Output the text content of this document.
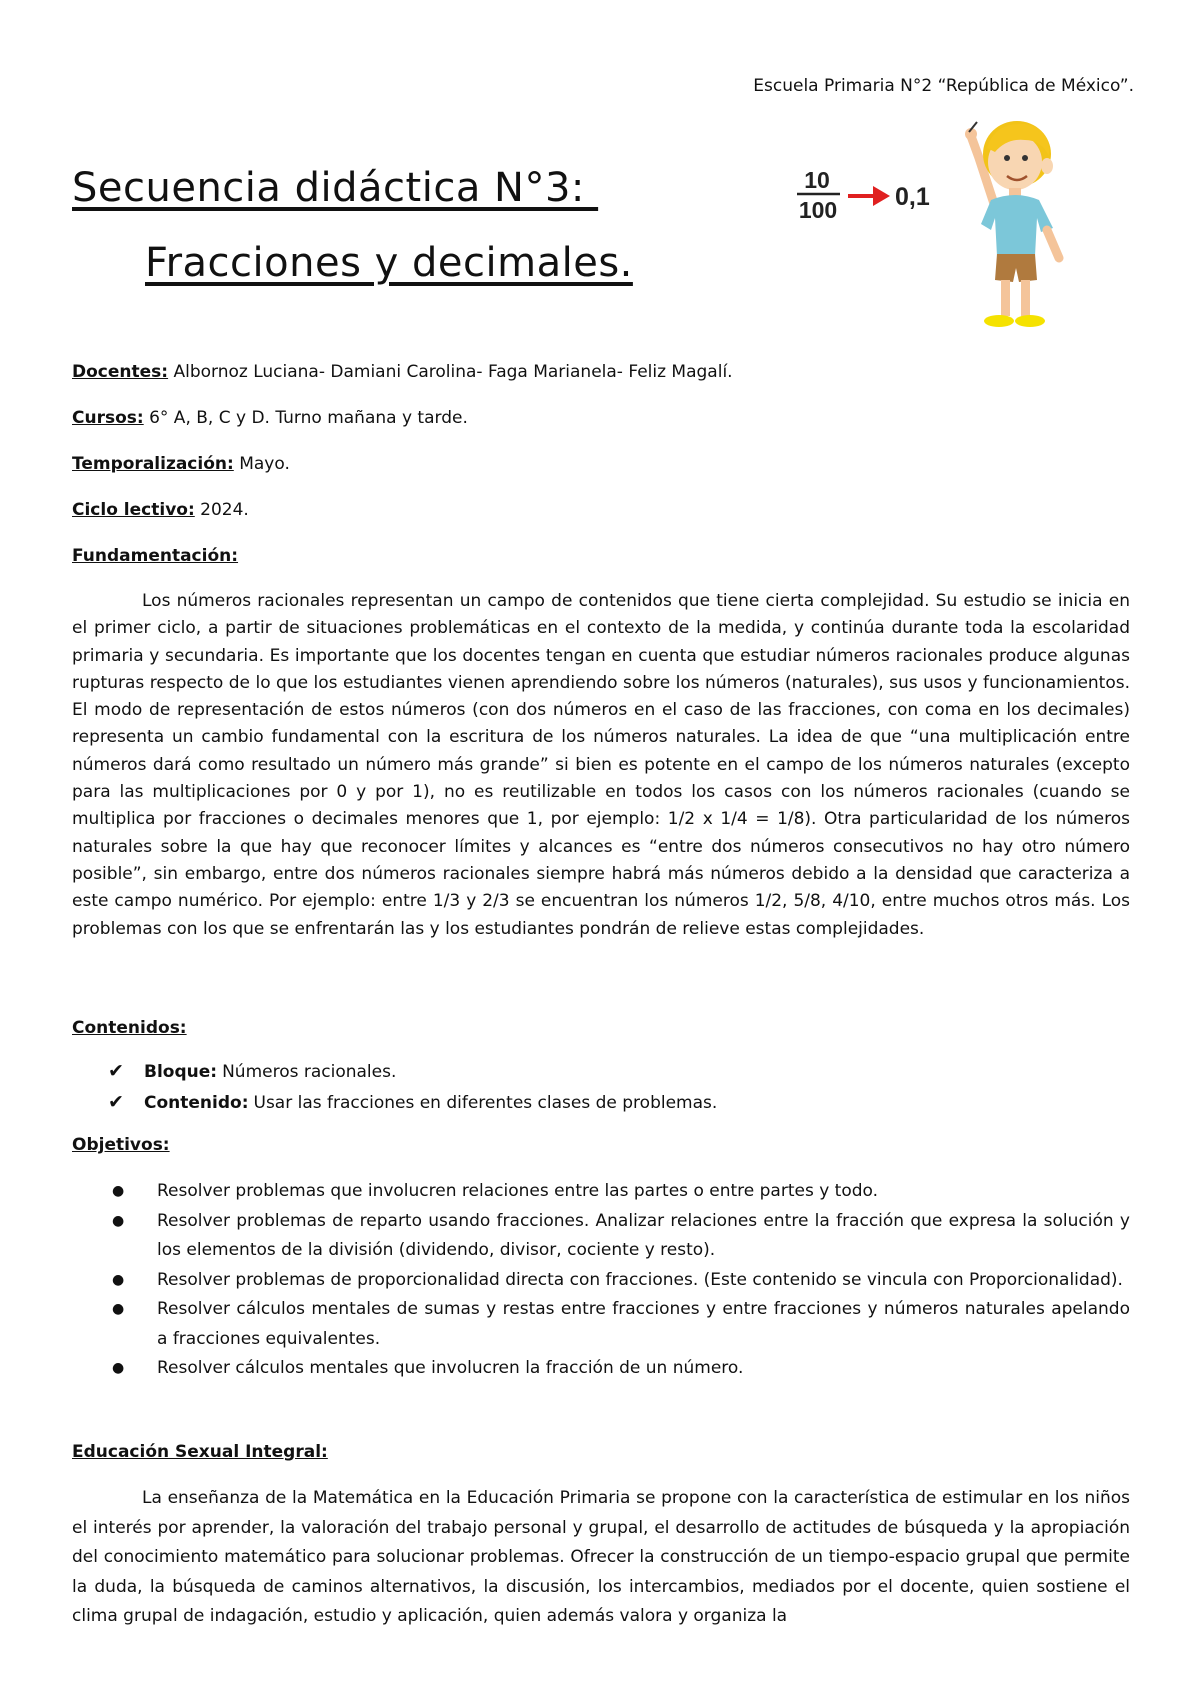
Escuela Primaria N°2 “República de México”.
Secuencia didáctica N°3:
Fracciones y decimales.
10
100 0,1
Docentes: Albornoz Luciana- Damiani Carolina- Faga Marianela- Feliz Magalí.
Cursos: 6° A, B, C y D. Turno mañana y tarde.
Temporalización: Mayo.
Ciclo lectivo: 2024.
Fundamentación:

Los números racionales representan un campo de contenidos que tiene cierta complejidad. Su estudio se inicia en el primer ciclo, a partir de situaciones problemáticas en el contexto de la medida, y continúa durante toda la escolaridad primaria y secundaria. Es importante que los docentes tengan en cuenta que estudiar números racionales produce algunas rupturas respecto de lo que los estudiantes vienen aprendiendo sobre los números (naturales), sus usos y funcionamientos. El modo de representación de estos números (con dos números en el caso de las fracciones, con coma en los decimales) representa un cambio fundamental con la escritura de los números naturales. La idea de que “una multiplicación entre números dará como resultado un número más grande” si bien es potente en el campo de los números naturales (excepto para las multiplicaciones por 0 y por 1), no es reutilizable en todos los casos con los números racionales (cuando se multiplica por fracciones o decimales menores que 1, por ejemplo: 1/2 x 1/4 = 1/8). Otra particularidad de los números naturales sobre la que hay que reconocer límites y alcances es “entre dos números consecutivos no hay otro número posible”, sin embargo, entre dos números racionales siempre habrá más números debido a la densidad que caracteriza a este campo numérico. Por ejemplo: entre 1/3 y 2/3 se encuentran los números 1/2, 5/8, 4/10, entre muchos otros más. Los problemas con los que se enfrentarán las y los estudiantes pondrán de relieve estas complejidades.

Contenidos:
✔	Bloque: Números racionales.
✔	Contenido: Usar las fracciones en diferentes clases de problemas.
Objetivos:
●	Resolver problemas que involucren relaciones entre las partes o entre partes y todo.
●	Resolver problemas de reparto usando fracciones. Analizar relaciones entre la fracción que expresa la solución y los elementos de la división (dividendo, divisor, cociente y resto).
●	Resolver problemas de proporcionalidad directa con fracciones. (Este contenido se vincula con Proporcionalidad).
●	Resolver cálculos mentales de sumas y restas entre fracciones y entre fracciones y números naturales apelando a fracciones equivalentes.
●	Resolver cálculos mentales que involucren la fracción de un número.
Educación Sexual Integral:

La enseñanza de la Matemática en la Educación Primaria se propone con la característica de estimular en los niños el interés por aprender, la valoración del trabajo personal y grupal, el desarrollo de actitudes de búsqueda y la apropiación del conocimiento matemático para solucionar problemas. Ofrecer la construcción de un tiempo-espacio grupal que permite la duda, la búsqueda de caminos alternativos, la discusión, los intercambios, mediados por el docente, quien sostiene el clima grupal de indagación, estudio y aplicación, quien además valora y organiza la
